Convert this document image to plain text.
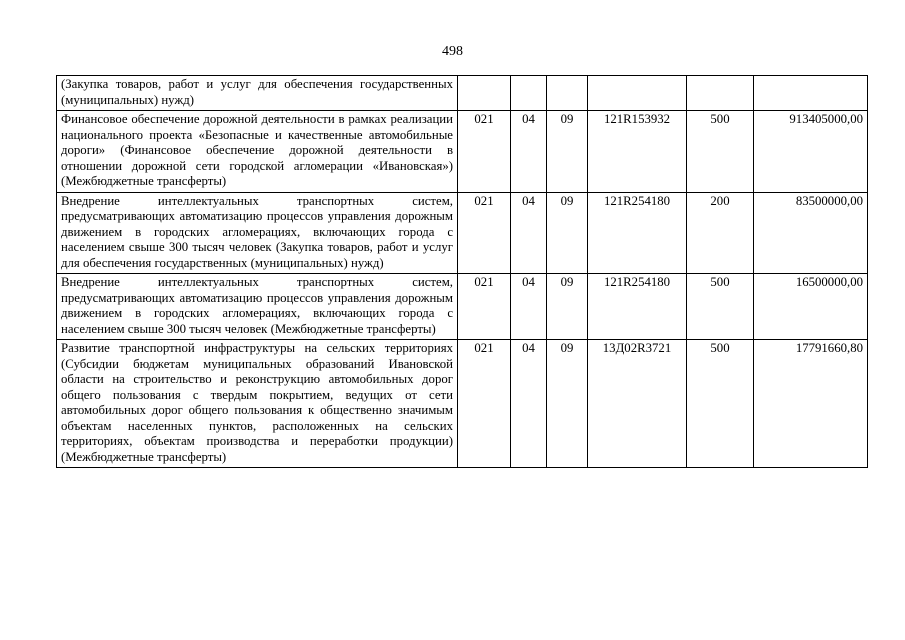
498
(Закупка товаров, работ и услуг для обеспечения государственных (муниципальных) нужд)						
Финансовое обеспечение дорожной деятельности в рамках реализации национального проекта «Безопасные и качественные автомобильные дороги» (Финансовое обеспечение дорожной деятельности в отношении дорожной сети городской агломерации «Ивановская») (Межбюджетные трансферты)	021	04	09	121R153932	500	913405000,00
Внедрение интеллектуальных транспортных систем, предусматривающих автоматизацию процессов управления дорожным движением в городских агломерациях, включающих города с населением свыше 300 тысяч человек (Закупка товаров, работ и услуг для обеспечения государственных (муниципальных) нужд)	021	04	09	121R254180	200	83500000,00
Внедрение интеллектуальных транспортных систем, предусматривающих автоматизацию процессов управления дорожным движением в городских агломерациях, включающих города с населением свыше 300 тысяч человек (Межбюджетные трансферты)	021	04	09	121R254180	500	16500000,00
Развитие транспортной инфраструктуры на сельских территориях (Субсидии бюджетам муниципальных образований Ивановской области на строительство и реконструкцию автомобильных дорог общего пользования с твердым покрытием, ведущих от сети автомобильных дорог общего пользования к общественно значимым объектам населенных пунктов, расположенных на сельских территориях, объектам производства и переработки продукции) (Межбюджетные трансферты)	021	04	09	13Д02R3721	500	17791660,80
